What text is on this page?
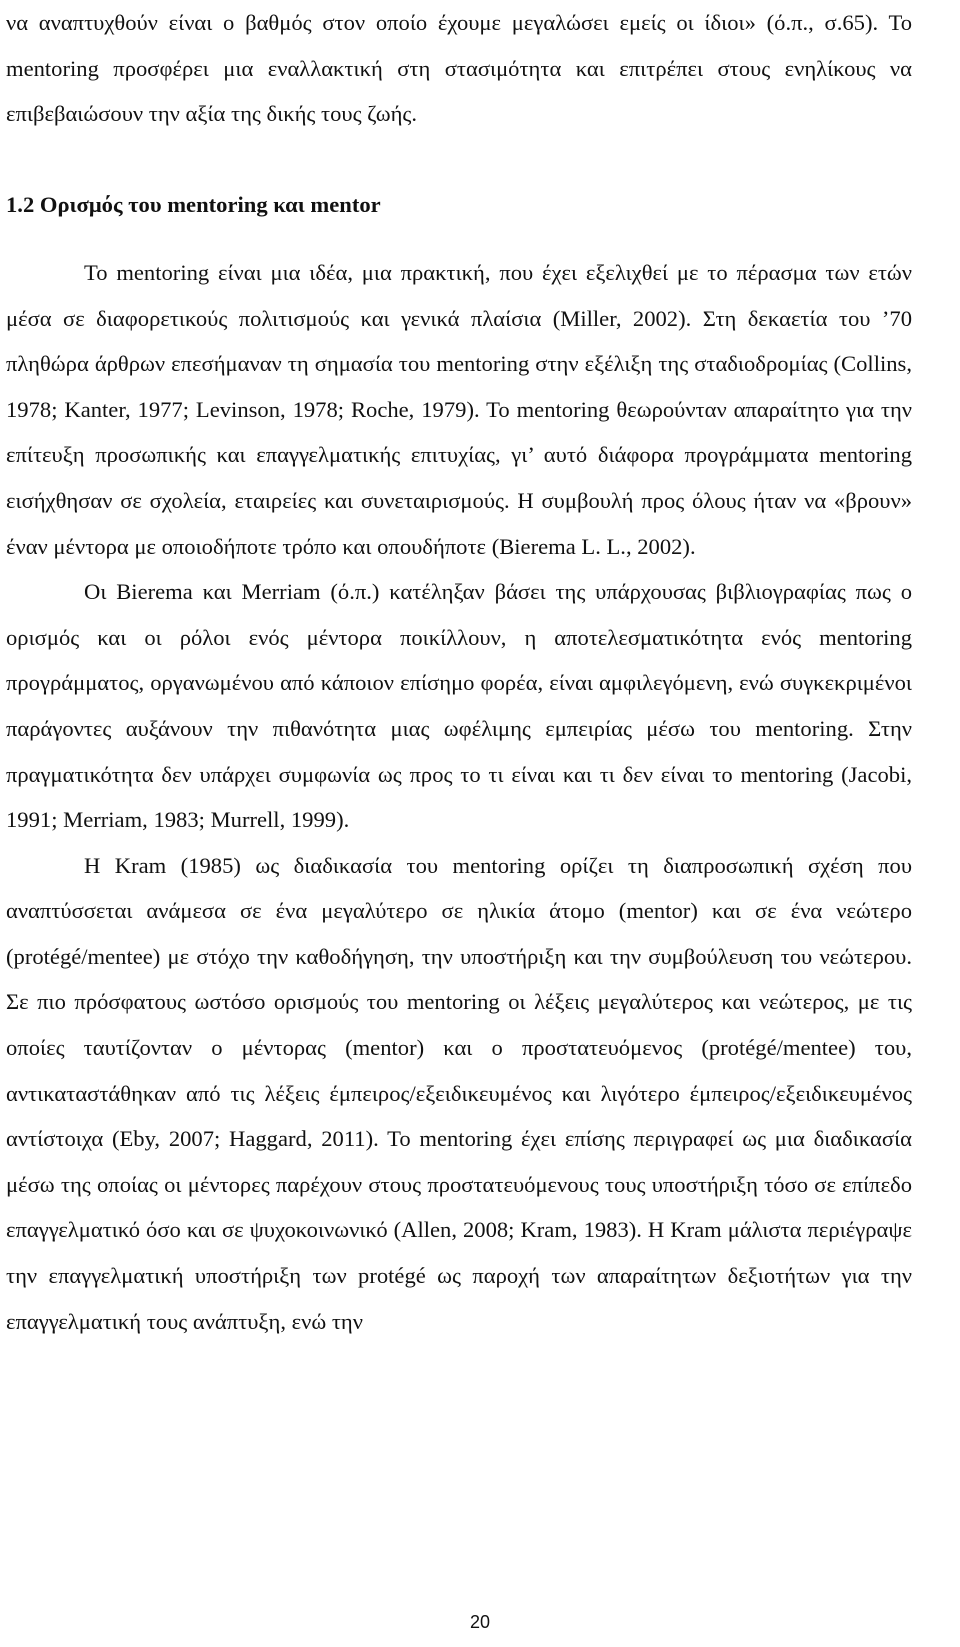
να αναπτυχθούν είναι ο βαθμός στον οποίο έχουμε μεγαλώσει εμείς οι ίδιοι» (ό.π., σ.65). Το mentoring προσφέρει μια εναλλακτική στη στασιμότητα και επιτρέπει στους ενηλίκους να επιβεβαιώσουν την αξία της δικής τους ζωής.

1.2 Ορισμός του mentoring και mentor

Το mentoring είναι μια ιδέα, μια πρακτική, που έχει εξελιχθεί με το πέρασμα των ετών μέσα σε διαφορετικούς πολιτισμούς και γενικά πλαίσια (Miller, 2002). Στη δεκαετία του ’70 πληθώρα άρθρων επεσήμαναν τη σημασία του mentoring στην εξέλιξη της σταδιοδρομίας (Collins, 1978; Kanter, 1977; Levinson, 1978; Roche, 1979). Το mentoring θεωρούνταν απαραίτητο για την επίτευξη προσωπικής και επαγγελματικής επιτυχίας, γι’ αυτό διάφορα προγράμματα mentoring εισήχθησαν σε σχολεία, εταιρείες και συνεταιρισμούς. Η συμβουλή προς όλους ήταν να «βρουν» έναν μέντορα με οποιοδήποτε τρόπο και οπουδήποτε (Bierema L. L., 2002).

Οι Bierema και Merriam (ό.π.) κατέληξαν βάσει της υπάρχουσας βιβλιογραφίας πως ο ορισμός και οι ρόλοι ενός μέντορα ποικίλλουν, η αποτελεσματικότητα ενός mentoring προγράμματος, οργανωμένου από κάποιον επίσημο φορέα, είναι αμφιλεγόμενη, ενώ συγκεκριμένοι παράγοντες αυξάνουν την πιθανότητα μιας ωφέλιμης εμπειρίας μέσω του mentoring. Στην πραγματικότητα δεν υπάρχει συμφωνία ως προς το τι είναι και τι δεν είναι το mentoring (Jacobi, 1991; Merriam, 1983; Murrell, 1999).

Η Kram (1985) ως διαδικασία του mentoring ορίζει τη διαπροσωπική σχέση που αναπτύσσεται ανάμεσα σε ένα μεγαλύτερο σε ηλικία άτομο (mentor) και σε ένα νεώτερο (protégé/mentee) με στόχο την καθοδήγηση, την υποστήριξη και την συμβούλευση του νεώτερου. Σε πιο πρόσφατους ωστόσο ορισμούς του mentoring οι λέξεις μεγαλύτερος και νεώτερος, με τις οποίες ταυτίζονταν ο μέντορας (mentor) και ο προστατευόμενος (protégé/mentee) του, αντικαταστάθηκαν από τις λέξεις έμπειρος/εξειδικευμένος και λιγότερο έμπειρος/εξειδικευμένος αντίστοιχα (Eby, 2007; Haggard, 2011). Το mentoring έχει επίσης περιγραφεί ως μια διαδικασία μέσω της οποίας οι μέντορες παρέχουν στους προστατευόμενους τους υποστήριξη τόσο σε επίπεδο επαγγελματικό όσο και σε ψυχοκοινωνικό (Allen, 2008; Kram, 1983). Η Kram μάλιστα περιέγραψε την επαγγελματική υποστήριξη των protégé ως παροχή των απαραίτητων δεξιοτήτων για την επαγγελματική τους ανάπτυξη, ενώ την

20
